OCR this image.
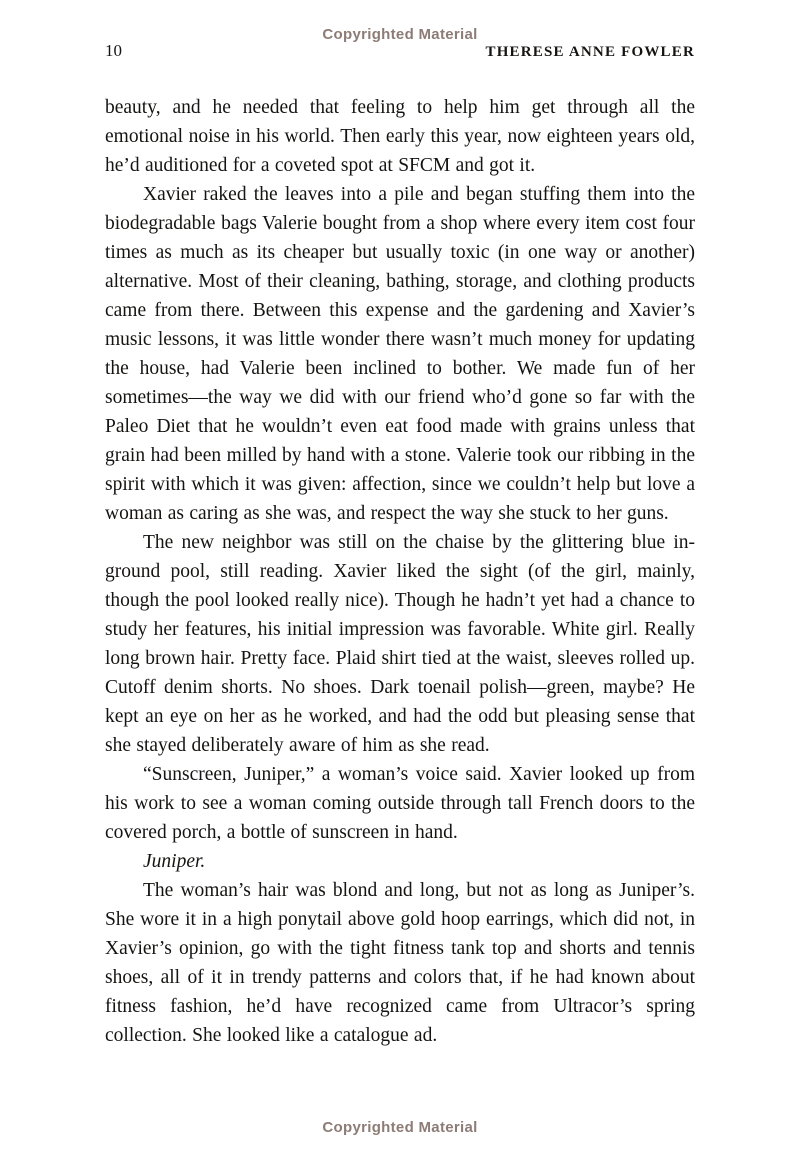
Copyrighted Material
10	THERESE ANNE FOWLER

beauty, and he needed that feeling to help him get through all the emotional noise in his world. Then early this year, now eighteen years old, he’d auditioned for a coveted spot at SFCM and got it.

Xavier raked the leaves into a pile and began stuffing them into the biodegradable bags Valerie bought from a shop where every item cost four times as much as its cheaper but usually toxic (in one way or another) alternative. Most of their cleaning, bathing, storage, and clothing products came from there. Between this expense and the gardening and Xavier’s music lessons, it was little wonder there wasn’t much money for updating the house, had Valerie been inclined to bother. We made fun of her sometimes—the way we did with our friend who’d gone so far with the Paleo Diet that he wouldn’t even eat food made with grains unless that grain had been milled by hand with a stone. Valerie took our ribbing in the spirit with which it was given: affection, since we couldn’t help but love a woman as caring as she was, and respect the way she stuck to her guns.

The new neighbor was still on the chaise by the glittering blue in-ground pool, still reading. Xavier liked the sight (of the girl, mainly, though the pool looked really nice). Though he hadn’t yet had a chance to study her features, his initial impression was favorable. White girl. Really long brown hair. Pretty face. Plaid shirt tied at the waist, sleeves rolled up. Cutoff denim shorts. No shoes. Dark toenail polish—green, maybe? He kept an eye on her as he worked, and had the odd but pleasing sense that she stayed deliberately aware of him as she read.

“Sunscreen, Juniper,” a woman’s voice said. Xavier looked up from his work to see a woman coming outside through tall French doors to the covered porch, a bottle of sunscreen in hand.

Juniper.

The woman’s hair was blond and long, but not as long as Juniper’s. She wore it in a high ponytail above gold hoop earrings, which did not, in Xavier’s opinion, go with the tight fitness tank top and shorts and tennis shoes, all of it in trendy patterns and colors that, if he had known about fitness fashion, he’d have recognized came from Ultracor’s spring collection. She looked like a catalogue ad.

Copyrighted Material
